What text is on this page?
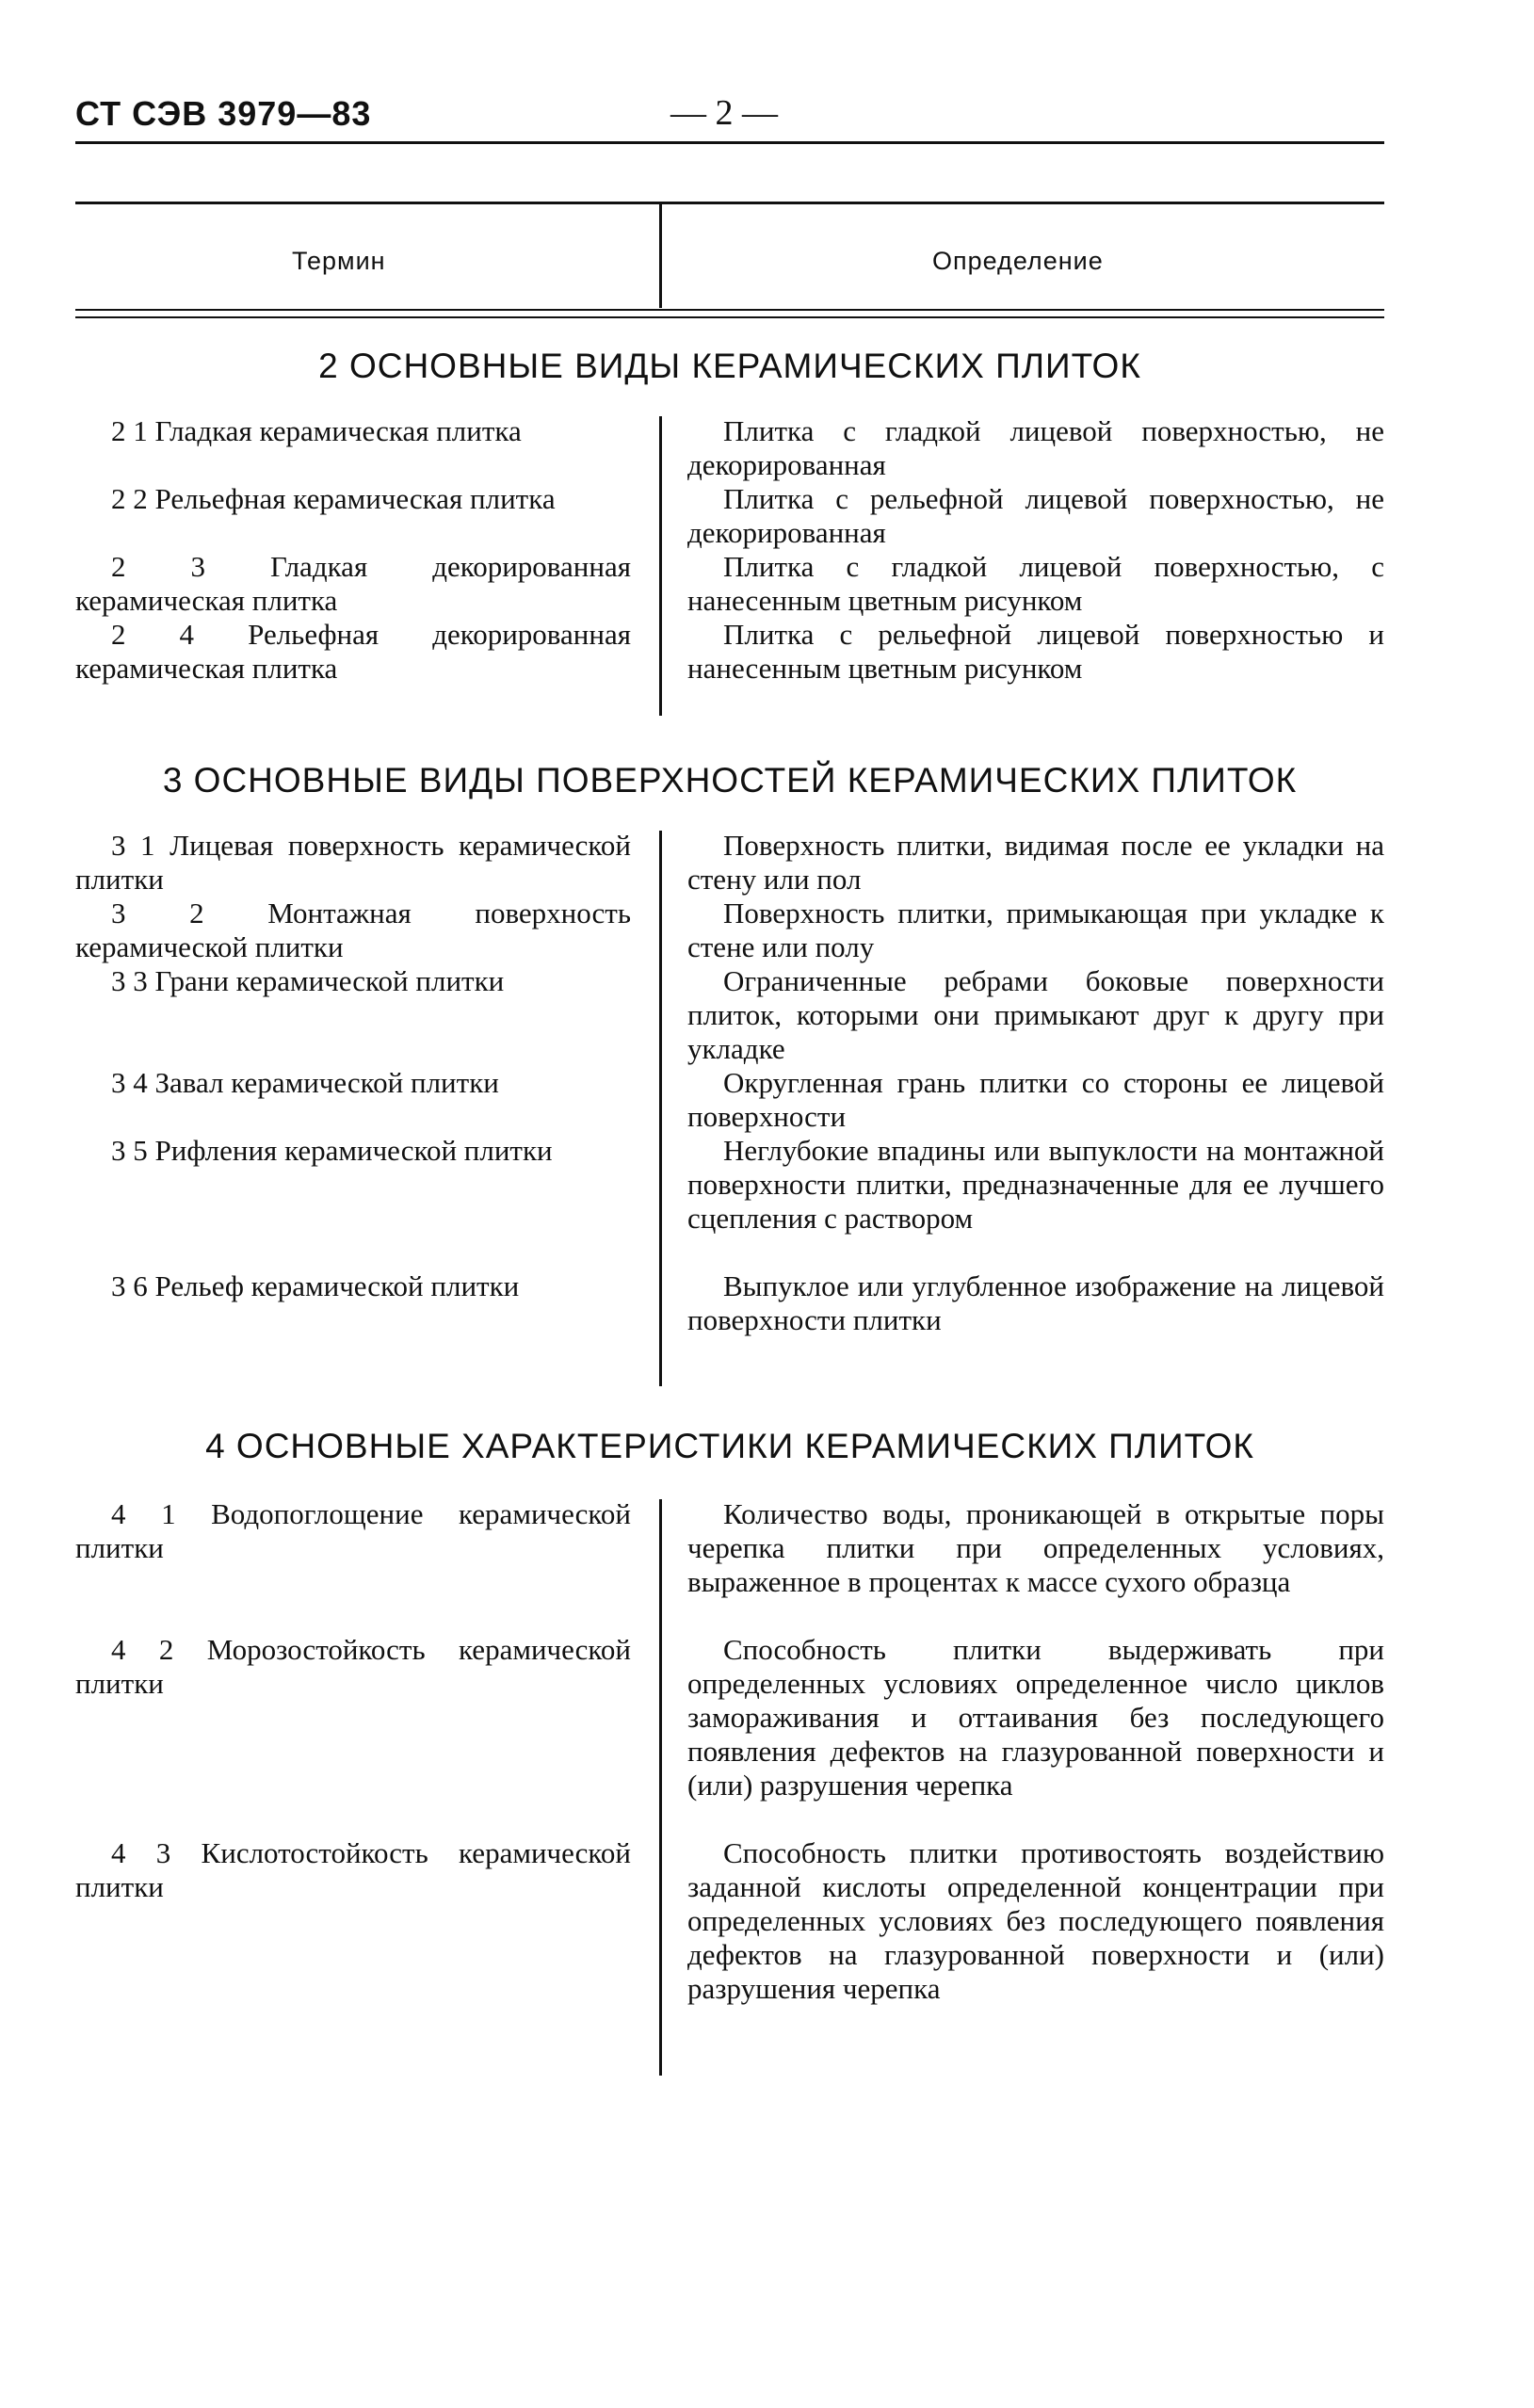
СТ СЭВ 3979—83	— 2 —
Термин	Определение
2 ОСНОВНЫЕ ВИДЫ КЕРАМИЧЕСКИХ ПЛИТОК
2 1 Гладкая керамическая плитка
2 2 Рельефная керамическая плитка
2 3 Гладкая декорированная керамическая плитка
2 4 Рельефная декорированная керамическая плитка
Плитка с гладкой лицевой поверхностью, не декорированная
Плитка с рельефной лицевой поверхностью, не декорированная
Плитка с гладкой лицевой поверхностью, с нанесенным цветным рисунком
Плитка с рельефной лицевой поверхностью и нанесенным цветным рисунком
3 ОСНОВНЫЕ ВИДЫ ПОВЕРХНОСТЕЙ КЕРАМИЧЕСКИХ ПЛИТОК
3 1 Лицевая поверхность керамической плитки
3 2 Монтажная поверхность керамической плитки
3 3 Грани керамической плитки
3 4 Завал керамической плитки
3 5 Рифления керамической плитки
3 6 Рельеф керамической плитки
Поверхность плитки, видимая после ее укладки на стену или пол
Поверхность плитки, примыкающая при укладке к стене или полу
Ограниченные ребрами боковые поверхности плиток, которыми они примыкают друг к другу при укладке
Округленная грань плитки со стороны ее лицевой поверхности
Неглубокие впадины или выпуклости на монтажной поверхности плитки, предназначенные для ее лучшего сцепления с раствором
Выпуклое или углубленное изображение на лицевой поверхности плитки
4 ОСНОВНЫЕ ХАРАКТЕРИСТИКИ КЕРАМИЧЕСКИХ ПЛИТОК
4 1 Водопоглощение керамической плитки
4 2 Морозостойкость керамической плитки
4 3 Кислотостойкость керамической плитки
Количество воды, проникающей в открытые поры черепка плитки при определенных условиях, выраженное в процентах к массе сухого образца
Способность плитки выдерживать при определенных условиях определенное число циклов замораживания и оттаивания без последующего появления дефектов на глазурованной поверхности и (или) разрушения черепка
Способность плитки противостоять воздействию заданной кислоты определенной концентрации при определенных условиях без последующего появления дефектов на глазурованной поверхности и (или) разрушения черепка
